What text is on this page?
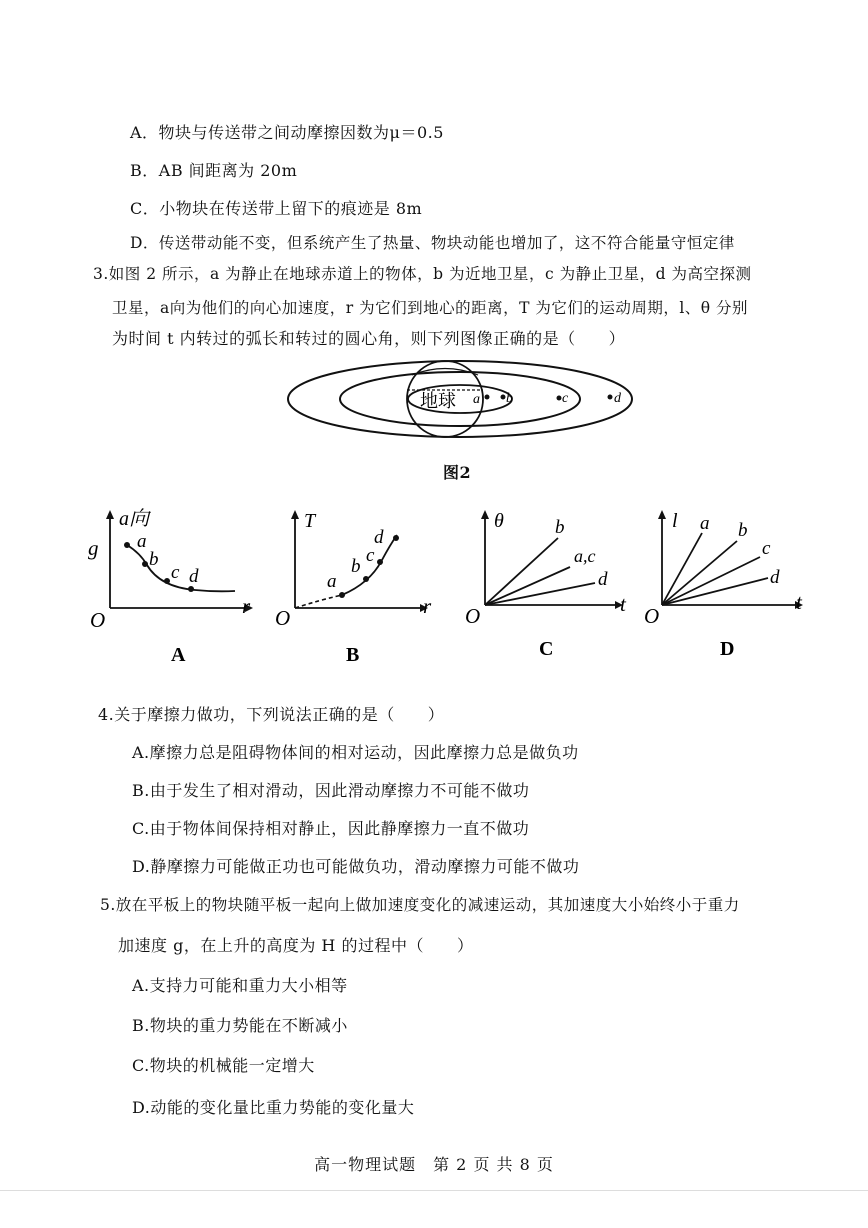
A．物块与传送带之间动摩擦因数为μ＝0.5
B．AB 间距离为 20m
C．小物块在传送带上留下的痕迹是 8m
D．传送带动能不变，但系统产生了热量、物块动能也增加了，这不符合能量守恒定律
3.如图 2 所示，a 为静止在地球赤道上的物体，b 为近地卫星，c 为静止卫星，d 为高空探测
卫星，a向为他们的向心加速度，r 为它们到地心的距离，T 为它们的运动周期，l、θ 分别
为时间 t 内转过的弧长和转过的圆心角，则下列图像正确的是（　　）
地球 a b	c	d
图2
a向
g
r
O
a
b
c d
A
T
r
O
a
b
c
d
B
θ
t
O
b
a,c
d
C
l
t
O
a b
c
d
D
4.关于摩擦力做功，下列说法正确的是（　　）
A.摩擦力总是阻碍物体间的相对运动，因此摩擦力总是做负功
B.由于发生了相对滑动，因此滑动摩擦力不可能不做功
C.由于物体间保持相对静止，因此静摩擦力一直不做功
D.静摩擦力可能做正功也可能做负功，滑动摩擦力可能不做功
5.放在平板上的物块随平板一起向上做加速度变化的减速运动，其加速度大小始终小于重力
加速度 g，在上升的高度为 H 的过程中（　　）
A.支持力可能和重力大小相等
B.物块的重力势能在不断减小
C.物块的机械能一定增大
D.动能的变化量比重力势能的变化量大
高一物理试题　第 2 页 共 8 页
